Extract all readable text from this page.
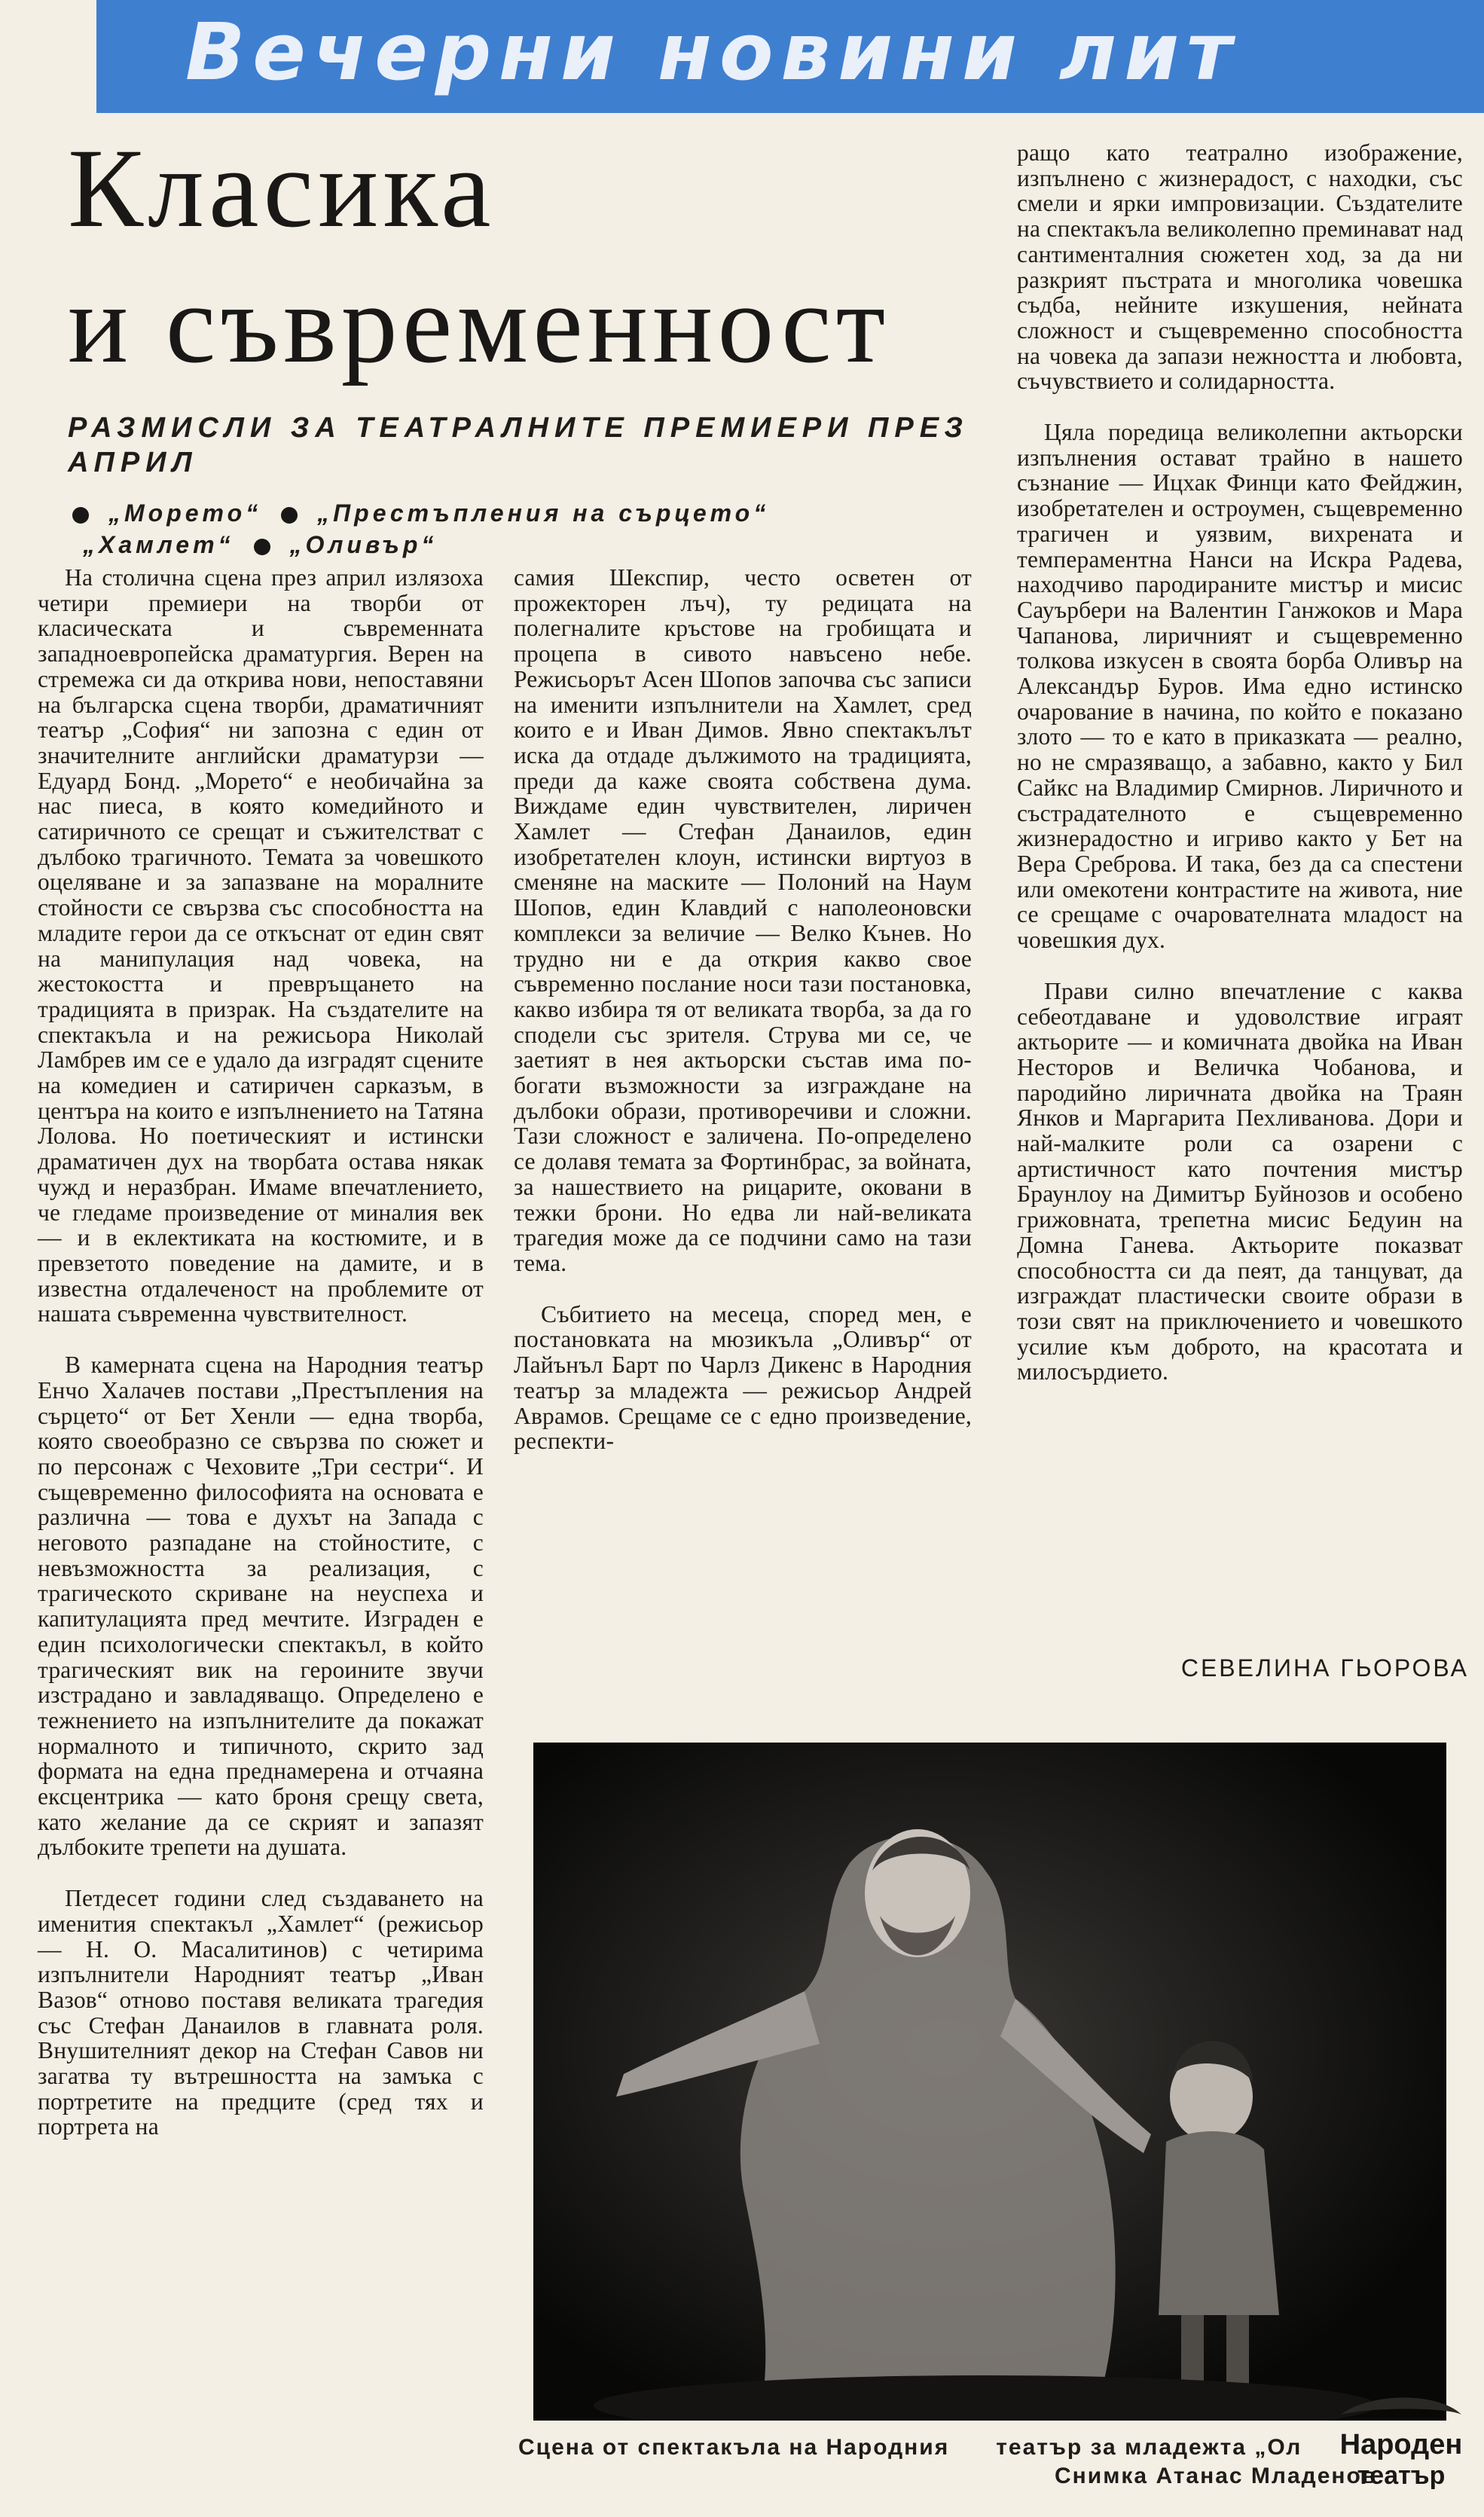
Вечерни новини лит
Класика
и съвременност
РАЗМИСЛИ ЗА ТЕАТРАЛНИТЕ ПРЕМИЕРИ ПРЕЗ АПРИЛ
„Морето“ „Престъпления на сърцето“
„Хамлет“ „Оливър“

На столична сцена през април излязоха четири премиери на творби от класическата и съвременната западноевропейска драматургия. Верен на стремежа си да открива нови, непоставяни на българска сцена творби, драматичният театър „София“ ни запозна с един от значителните английски драматурзи — Едуард Бонд. „Морето“ е необичайна за нас пиеса, в която комедийното и сатиричното се срещат и съжителстват с дълбоко трагичното. Темата за човешкото оцеляване и за запазване на моралните стойности се свързва със способността на младите герои да се откъснат от един свят на манипулация над човека, на жестокостта и превръщането на традицията в призрак. На създателите на спектакъла и на режисьора Николай Ламбрев им се е удало да изградят сцените на комедиен и сатиричен сарказъм, в центъра на които е изпълнението на Татяна Лолова. Но поетическият и истински драматичен дух на творбата остава някак чужд и неразбран. Имаме впечатлението, че гледаме произведение от миналия век — и в еклектиката на костюмите, и в превзетото поведение на дамите, и в известна отдалеченост на проблемите от нашата съвременна чувствителност.

В камерната сцена на Народния театър Енчо Халачев постави „Престъпления на сърцето“ от Бет Хенли — една творба, която своеобразно се свързва по сюжет и по персонаж с Чеховите „Три сестри“. И същевременно философията на основата е различна — това е духът на Запада с неговото разпадане на стойностите, с невъзможността за реализация, с трагическото скриване на неуспеха и капитулацията пред мечтите. Изграден е един психологически спектакъл, в който трагическият вик на героините звучи изстрадано и завладяващо. Определено е тежнението на изпълнителите да покажат нормалното и типичното, скрито зад формата на една преднамерена и отчаяна ексцентрика — като броня срещу света, като желание да се скрият и запазят дълбоките трепети на душата.

Петдесет години след създаването на именития спектакъл „Хамлет“ (режисьор — Н. О. Масалитинов) с четирима изпълнители Народният театър „Иван Вазов“ отново поставя великата трагедия със Стефан Данаилов в главната роля. Внушителният декор на Стефан Савов ни загатва ту вътрешността на замъка с портретите на предците (сред тях и портрета на

самия Шекспир, често осветен от прожекторен лъч), ту редицата на полегналите кръстове на гробищата и процепа в сивото навъсено небе. Режисьорът Асен Шопов започва със записи на именити изпълнители на Хамлет, сред които е и Иван Димов. Явно спектакълът иска да отдаде дължимото на традицията, преди да каже своята собствена дума. Виждаме един чувствителен, лиричен Хамлет — Стефан Данаилов, един изобретателен клоун, истински виртуоз в сменяне на маските — Полоний на Наум Шопов, един Клавдий с наполеоновски комплекси за величие — Велко Кънев. Но трудно ни е да открия какво свое съвременно послание носи тази постановка, какво избира тя от великата творба, за да го сподели със зрителя. Струва ми се, че заетият в нея актьорски състав има по-богати възможности за изграждане на дълбоки образи, противоречиви и сложни. Тази сложност е заличена. По-определено се долавя темата за Фортинбрас, за войната, за нашествието на рицарите, оковани в тежки брони. Но едва ли най-великата трагедия може да се подчини само на тази тема.

Събитието на месеца, според мен, е постановката на мюзикъла „Оливър“ от Лайънъл Барт по Чарлз Дикенс в Народния театър за младежта — режисьор Андрей Аврамов. Срещаме се с едно произведение, респекти-

ращо като театрално изображение, изпълнено с жизнерадост, с находки, със смели и ярки импровизации. Създателите на спектакъла великолепно преминават над сантименталния сюжетен ход, за да ни разкрият пъстрата и многолика човешка съдба, нейните изкушения, нейната сложност и същевременно способността на човека да запази нежността и любовта, съчувствието и солидарността.

Цяла поредица великолепни актьорски изпълнения остават трайно в нашето съзнание — Ицхак Финци като Фейджин, изобретателен и остроумен, същевременно трагичен и уязвим, вихрената и темпераментна Нанси на Искра Радева, находчиво пародираните мистър и мисис Сауърбери на Валентин Ганжоков и Мара Чапанова, лиричният и същевременно толкова изкусен в своята борба Оливър на Александър Буров. Има едно истинско очарование в начина, по който е показано злото — то е като в приказката — реално, но не смразяващо, а забавно, както у Бил Сайкс на Владимир Смирнов. Лиричното и състрадателното е същевременно жизнерадостно и игриво както у Бет на Вера Среброва. И така, без да са спестени или омекотени контрастите на живота, ние се срещаме с очарователната младост на човешкия дух.

Прави силно впечатление с каква себеотдаване и удоволствие играят актьорите — и комичната двойка на Иван Несторов и Величка Чобанова, и пародийно лиричната двойка на Траян Янков и Маргарита Пехливанова. Дори и най-малките роли са озарени с артистичност като почтения мистър Браунлоу на Димитър Буйнозов и особено грижовната, трепетна мисис Бедуин на Домна Ганева. Актьорите показват способността си да пеят, да танцуват, да изграждат пластически своите образи в този свят на приключението и човешкото усилие към доброто, на красотата и милосърдието.

СЕВЕЛИНА ГЬОРОВА
Сцена от спектакъла на Народния      театър за младежта „Ол
Снимка Атанас Младенов
Народен
театър
